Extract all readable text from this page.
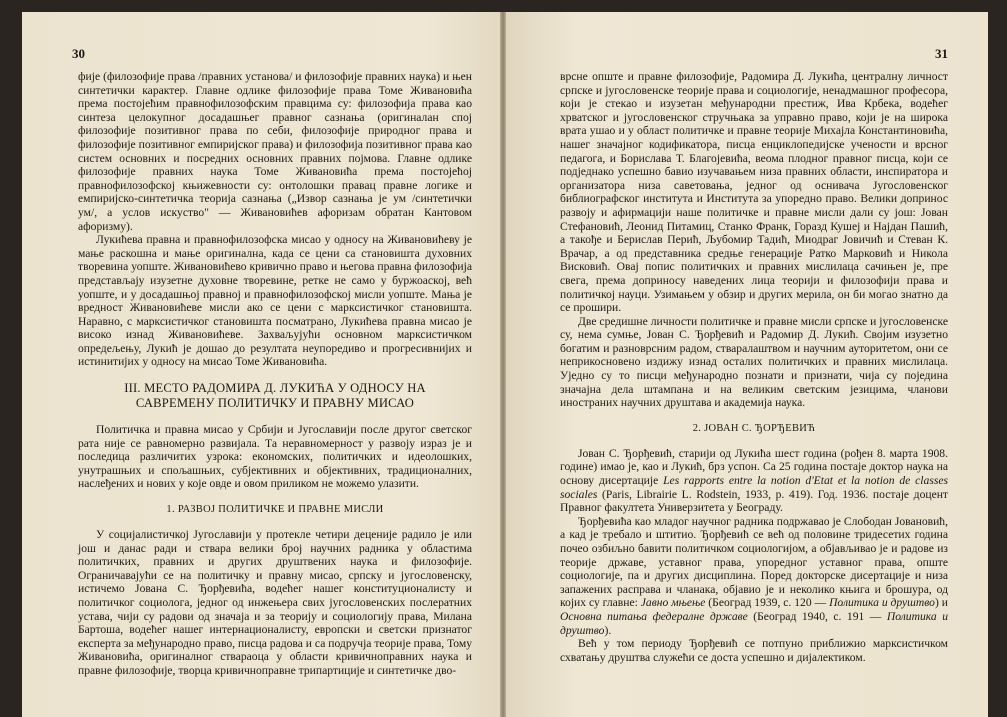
30

фије (филозофије права /правних установа/ и филозофије правних наука) и њен синтетички карактер. Главне одлике филозофије права Томе Живановића према постојећим правнофилозофским правцима су: филозофија права као синтеза целокупног досадашњег правног сазнања (оригиналан спој филозофије позитивног права по себи, филозофије природног права и филозофије позитивног емпиријског права) и филозофија позитивног права као систем основних и посредних основних правних појмова. Главне одлике филозофије правних наука Томе Живановића према постојећој правнофилозофској књижевности су: онтолошки правац правне логике и емпиријско-синтетичка теорија сазнања („Извор сазнања је ум /синтетички ум/, а услов искуство" — Живановићев афоризам обратан Кантовом афоризму).

Лукићева правна и правнофилозофска мисао у односу на Живановићеву је мање раскошна и мање оригинална, када се цени са становишта духовних творевина уопште. Живановићево кривично право и његова правна филозофија представљају изузетне духовне творевине, ретке не само у буржоаској, већ уопште, и у досадашњој правној и правнофилозофској мисли уопште. Мања је вредност Живановићеве мисли ако се цени с марксистичког становишта. Наравно, с марксистичког становишта посматрано, Лукићева правна мисао је високо изнад Живановићеве. Захваљујући основном марксистичком опредељењу, Лукић је дошао до резултата неупоредиво и прогресивнијих и истинитијих у односу на мисао Томе Живановића.

III. МЕСТО РАДОМИРА Д. ЛУКИЋА У ОДНОСУ НА САВРЕМЕНУ ПОЛИТИЧКУ И ПРАВНУ МИСАО

Политичка и правна мисао у Србији и Југославији после другог светског рата није се равномерно развијала. Та неравномерност у развоју израз је и последица различитих узрока: економских, политичких и идеолошких, унутрашњих и спољашњих, субјективних и објективних, традиционалних, наслеђених и нових у које овде и овом приликом не можемо улазити.

1. РАЗВОЈ ПОЛИТИЧКЕ И ПРАВНЕ МИСЛИ

У социјалистичкој Југославији у протекле четири деценије радило је или још и данас ради и ствара велики број научних радника у областима политичких, правних и других друштвених наука и филозофије. Ограничавајући се на политичку и правну мисао, српску и југословенску, истичемо Јована С. Ђорђевића, водећег нашег конституционалисту и политичког социолога, једног од инжењера свих југословенских послератних устава, чији су радови од значаја и за теорију и социологију права, Милана Бартоша, водећег нашег интернационалисту, европски и светски признатог експерта за међународно право, писца радова и са подручја теорије права, Тому Живановића, оригиналног ствараоца у области кривичноправних наука и правне филозофије, творца кривичноправне трипартиције и синтетичке дво-

31

врсне опште и правне филозофије, Радомира Д. Лукића, централну личност српске и југословенске теорије права и социологије, ненадмашног професора, који је стекао и изузетан међународни престиж, Ива Крбека, водећег хрватског и југословенског стручњака за управно право, који је на широка врата ушао и у област политичке и правне теорије Михајла Константиновића, нашег значајног кодификатора, писца енциклопедијске учености и врсног педагога, и Борислава Т. Благојевића, веома плодног правног писца, који се подједнако успешно бавио изучавањем низа правних области, инспиратора и организатора низа саветовања, једног од оснивача Југословенског библиографског института и Института за упоредно право. Велики допринос развоју и афирмацији наше политичке и правне мисли дали су још: Јован Стефановић, Леонид Питамиц, Станко Франк, Горазд Кушеј и Најдан Пашић, а такође и Берислав Перић, Љубомир Тадић, Миодраг Јовичић и Стеван К. Врачар, а од представника средње генерације Ратко Марковић и Никола Висковић. Овај попис политичких и правних мислилаца сачињен је, пре свега, према доприносу наведених лица теорији и филозофији права и политичкој науци. Узимањем у обзир и других мерила, он би могао знатно да се прошири.

Две средишне личности политичке и правне мисли српске и југословенске су, нема сумње, Јован С. Ђорђевић и Радомир Д. Лукић. Својим изузетно богатим и разноврсним радом, стваралаштвом и научним ауторитетом, они се неприкосновено издижу изнад осталих политичких и правних мислилаца. Уједно су то писци међународно познати и признати, чија су поједина значајна дела штампана и на великим светским језицима, чланови иностраних научних друштава и академија наука.

2. ЈОВАН С. ЂОРЂЕВИЋ

Јован С. Ђорђевић, старији од Лукића шест година (рођен 8. марта 1908. године) имао је, као и Лукић, брз успон. Са 25 година постаје доктор наука на основу дисертације Les rapports entre la notion d'Etat et la notion de classes sociales (Paris, Librairie L. Rodstein, 1933, p. 419). Год. 1936. постаје доцент Правног факултета Универзитета у Београду.

Ђорђевића као младог научног радника подржавао је Слободан Јовановић, а кад је требало и штитио. Ђорђевић се већ од половине тридесетих година почео озбиљно бавити политичком социологијом, а објављивао је и радове из теорије државе, уставног права, упоредног уставног права, опште социологије, па и других дисциплина. Поред докторске дисертације и низа запажених расправа и чланака, објавио је и неколико књига и брошура, од којих су главне: Јавно мњење (Београд 1939, с. 120 — Политика и друштво) и Основна питања федералне државе (Београд 1940, с. 191 — Политика и друштво).

Већ у том периоду Ђорђевић се потпуно приближио марксистичком схватању друштва служећи се доста успешно и дијалектиком.
